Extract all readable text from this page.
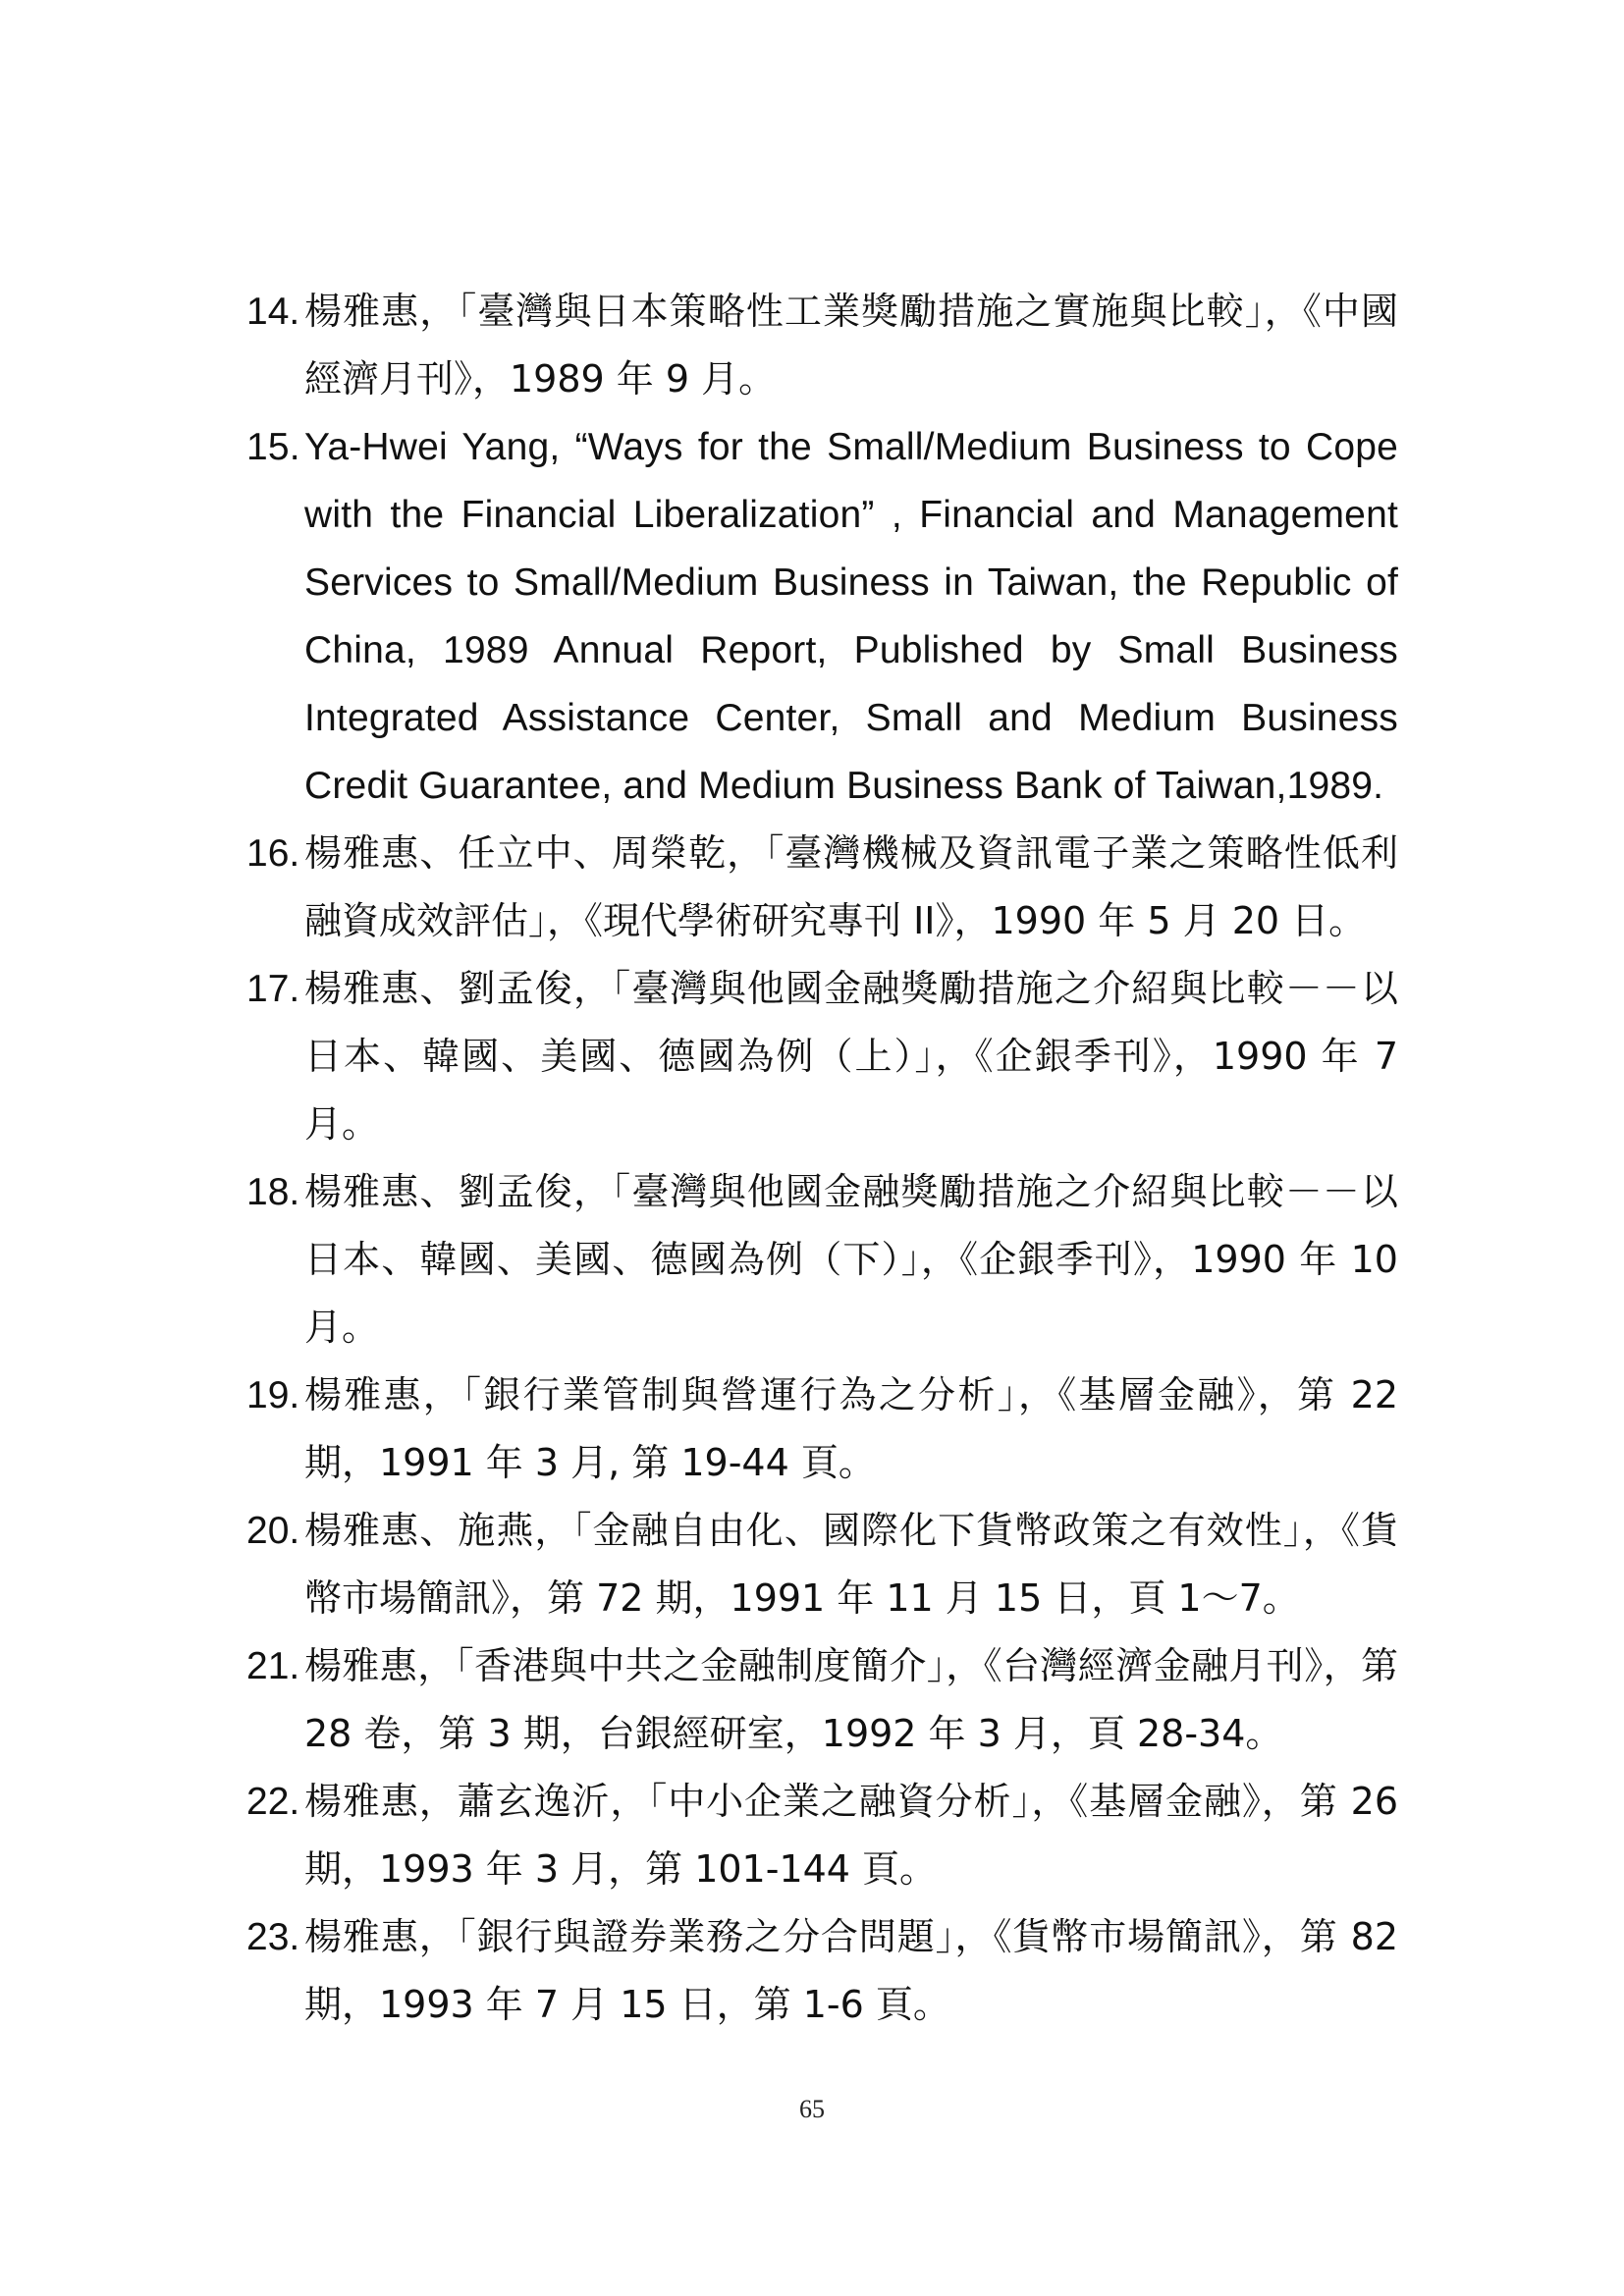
14. 楊雅惠，「臺灣與日本策略性工業獎勵措施之實施與比較」，《中國經濟月刊》，1989 年 9 月。
15. Ya-Hwei Yang, “Ways for the Small/Medium Business to Cope with the Financial Liberalization” , Financial and Management Services to Small/Medium Business in Taiwan, the Republic of China, 1989 Annual Report, Published by Small Business Integrated Assistance Center, Small and Medium Business Credit Guarantee, and Medium Business Bank of Taiwan,1989.
16. 楊雅惠、任立中、周榮乾，「臺灣機械及資訊電子業之策略性低利融資成效評估」，《現代學術研究專刊 II》，1990 年 5 月 20 日。
17. 楊雅惠、劉孟俊，「臺灣與他國金融獎勵措施之介紹與比較－－以日本、韓國、美國、德國為例（上）」，《企銀季刊》，1990 年 7 月。
18. 楊雅惠、劉孟俊，「臺灣與他國金融獎勵措施之介紹與比較－－以日本、韓國、美國、德國為例（下）」，《企銀季刊》，1990 年 10 月。
19. 楊雅惠，「銀行業管制與營運行為之分析」，《基層金融》，第 22 期，1991 年 3 月, 第 19-44 頁。
20. 楊雅惠、施燕，「金融自由化、國際化下貨幣政策之有效性」，《貨幣市場簡訊》，第 72 期，1991 年 11 月 15 日，頁 1～7。
21. 楊雅惠，「香港與中共之金融制度簡介」，《台灣經濟金融月刊》，第 28 卷，第 3 期，台銀經研室，1992 年 3 月，頁 28-34。
22. 楊雅惠，蕭玄逸沂，「中小企業之融資分析」，《基層金融》，第 26 期，1993 年 3 月，第 101-144 頁。
23. 楊雅惠，「銀行與證券業務之分合問題」，《貨幣市場簡訊》，第 82 期，1993 年 7 月 15 日，第 1-6 頁。
65
